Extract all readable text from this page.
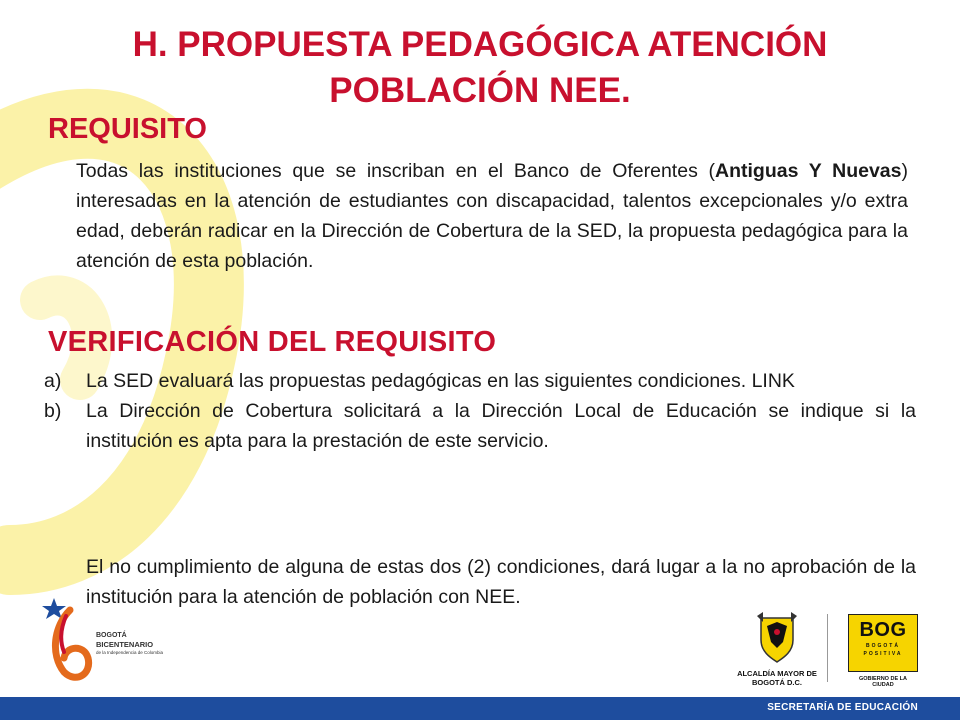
H. PROPUESTA PEDAGÓGICA ATENCIÓN POBLACIÓN NEE.
REQUISITO
Todas las instituciones que se inscriban en el Banco de Oferentes (Antiguas Y Nuevas) interesadas en la atención de estudiantes con discapacidad, talentos excepcionales y/o extra edad, deberán radicar en la Dirección de Cobertura de la SED, la propuesta pedagógica para la atención de esta población.
VERIFICACIÓN DEL REQUISITO
a) La SED evaluará las propuestas pedagógicas en las siguientes condiciones. LINK
b) La Dirección de Cobertura solicitará a la Dirección Local de Educación se indique si la institución es apta para la prestación de este servicio.
El no cumplimiento de alguna de estas dos (2) condiciones, dará lugar a la no aprobación de la institución para la atención de población con NEE.
BOGOTÁ
BICENTENARIO
de la Independencia de Colombia
ALCALDÍA MAYOR DE BOGOTÁ D.C.
BOG
BOGOTÁ
POSITIVA
GOBIERNO DE LA CIUDAD
SECRETARÍA DE EDUCACIÓN
